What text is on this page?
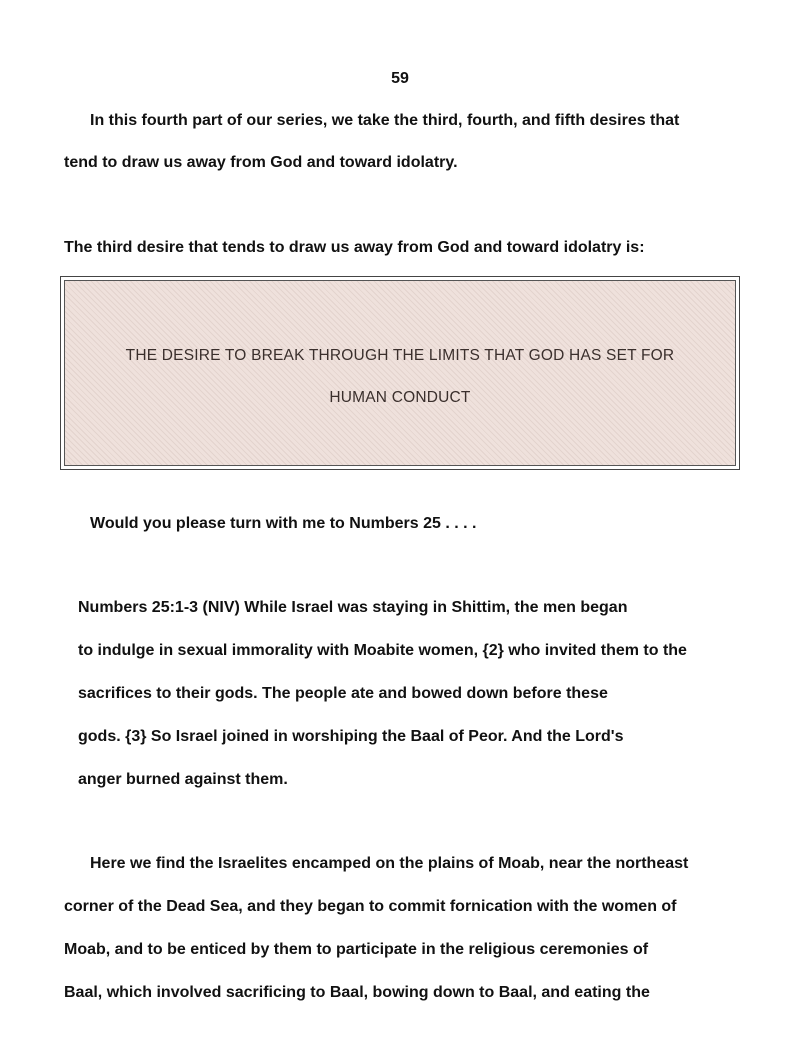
59
In this fourth part of our series, we take the third, fourth, and fifth desires that
tend to draw us away from God and toward idolatry.
The third desire that tends to draw us away from God and toward idolatry is:
THE DESIRE TO BREAK THROUGH THE LIMITS THAT GOD HAS SET FOR
HUMAN CONDUCT
Would you please turn with me to Numbers 25 . . . .
Numbers 25:1-3 (NIV) While Israel was staying in Shittim, the men began
to indulge in sexual immorality with Moabite women, {2} who invited them to the
sacrifices to their gods. The people ate and bowed down before these
gods. {3} So Israel joined in worshiping the Baal of Peor. And the Lord's
anger burned against them.
Here we find the Israelites encamped on the plains of Moab, near the northeast
corner of the Dead Sea, and they began to commit fornication with the women of
Moab, and to be enticed by them to participate in the religious ceremonies of
Baal, which involved sacrificing to Baal, bowing down to Baal, and eating the
